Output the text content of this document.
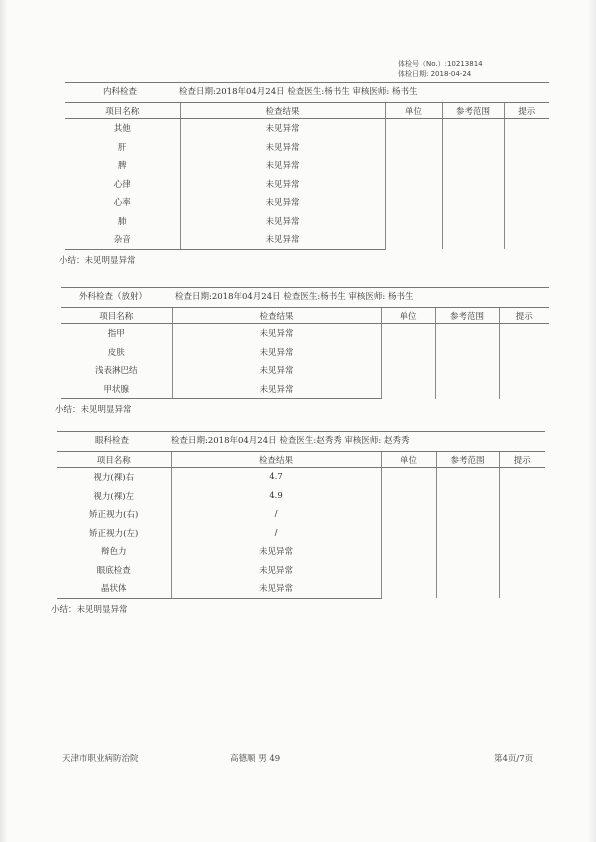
体检号（No.）:10213814
体检日期: 2018-04-24
内科检查	检查日期:2018年04月24日 检查医生:杨书生 审核医师: 杨书生
项目名称	检查结果	单位	参考范围	提示
其他	未见异常			
肝	未见异常			
脾	未见异常			
心律	未见异常			
心率	未见异常			
肺	未见异常			
杂音	未见异常			
小结：未见明显异常
外科检查（放射）	检查日期:2018年04月24日 检查医生:杨书生 审核医师: 杨书生
项目名称	检查结果	单位	参考范围	提示
指甲	未见异常			
皮肤	未见异常			
浅表淋巴结	未见异常			
甲状腺	未见异常			
小结：未见明显异常
眼科检查	检查日期:2018年04月24日 检查医生:赵秀秀 审核医师: 赵秀秀
项目名称	检查结果	单位	参考范围	提示
视力(裸)右	4.7			
视力(裸)左	4.9			
矫正视力(右)	/			
矫正视力(左)	/			
辩色力	未见异常			
眼底检查	未见异常			
晶状体	未见异常			
小结：未见明显异常
天津市职业病防治院	高德顺 男 49	第4页/7页
